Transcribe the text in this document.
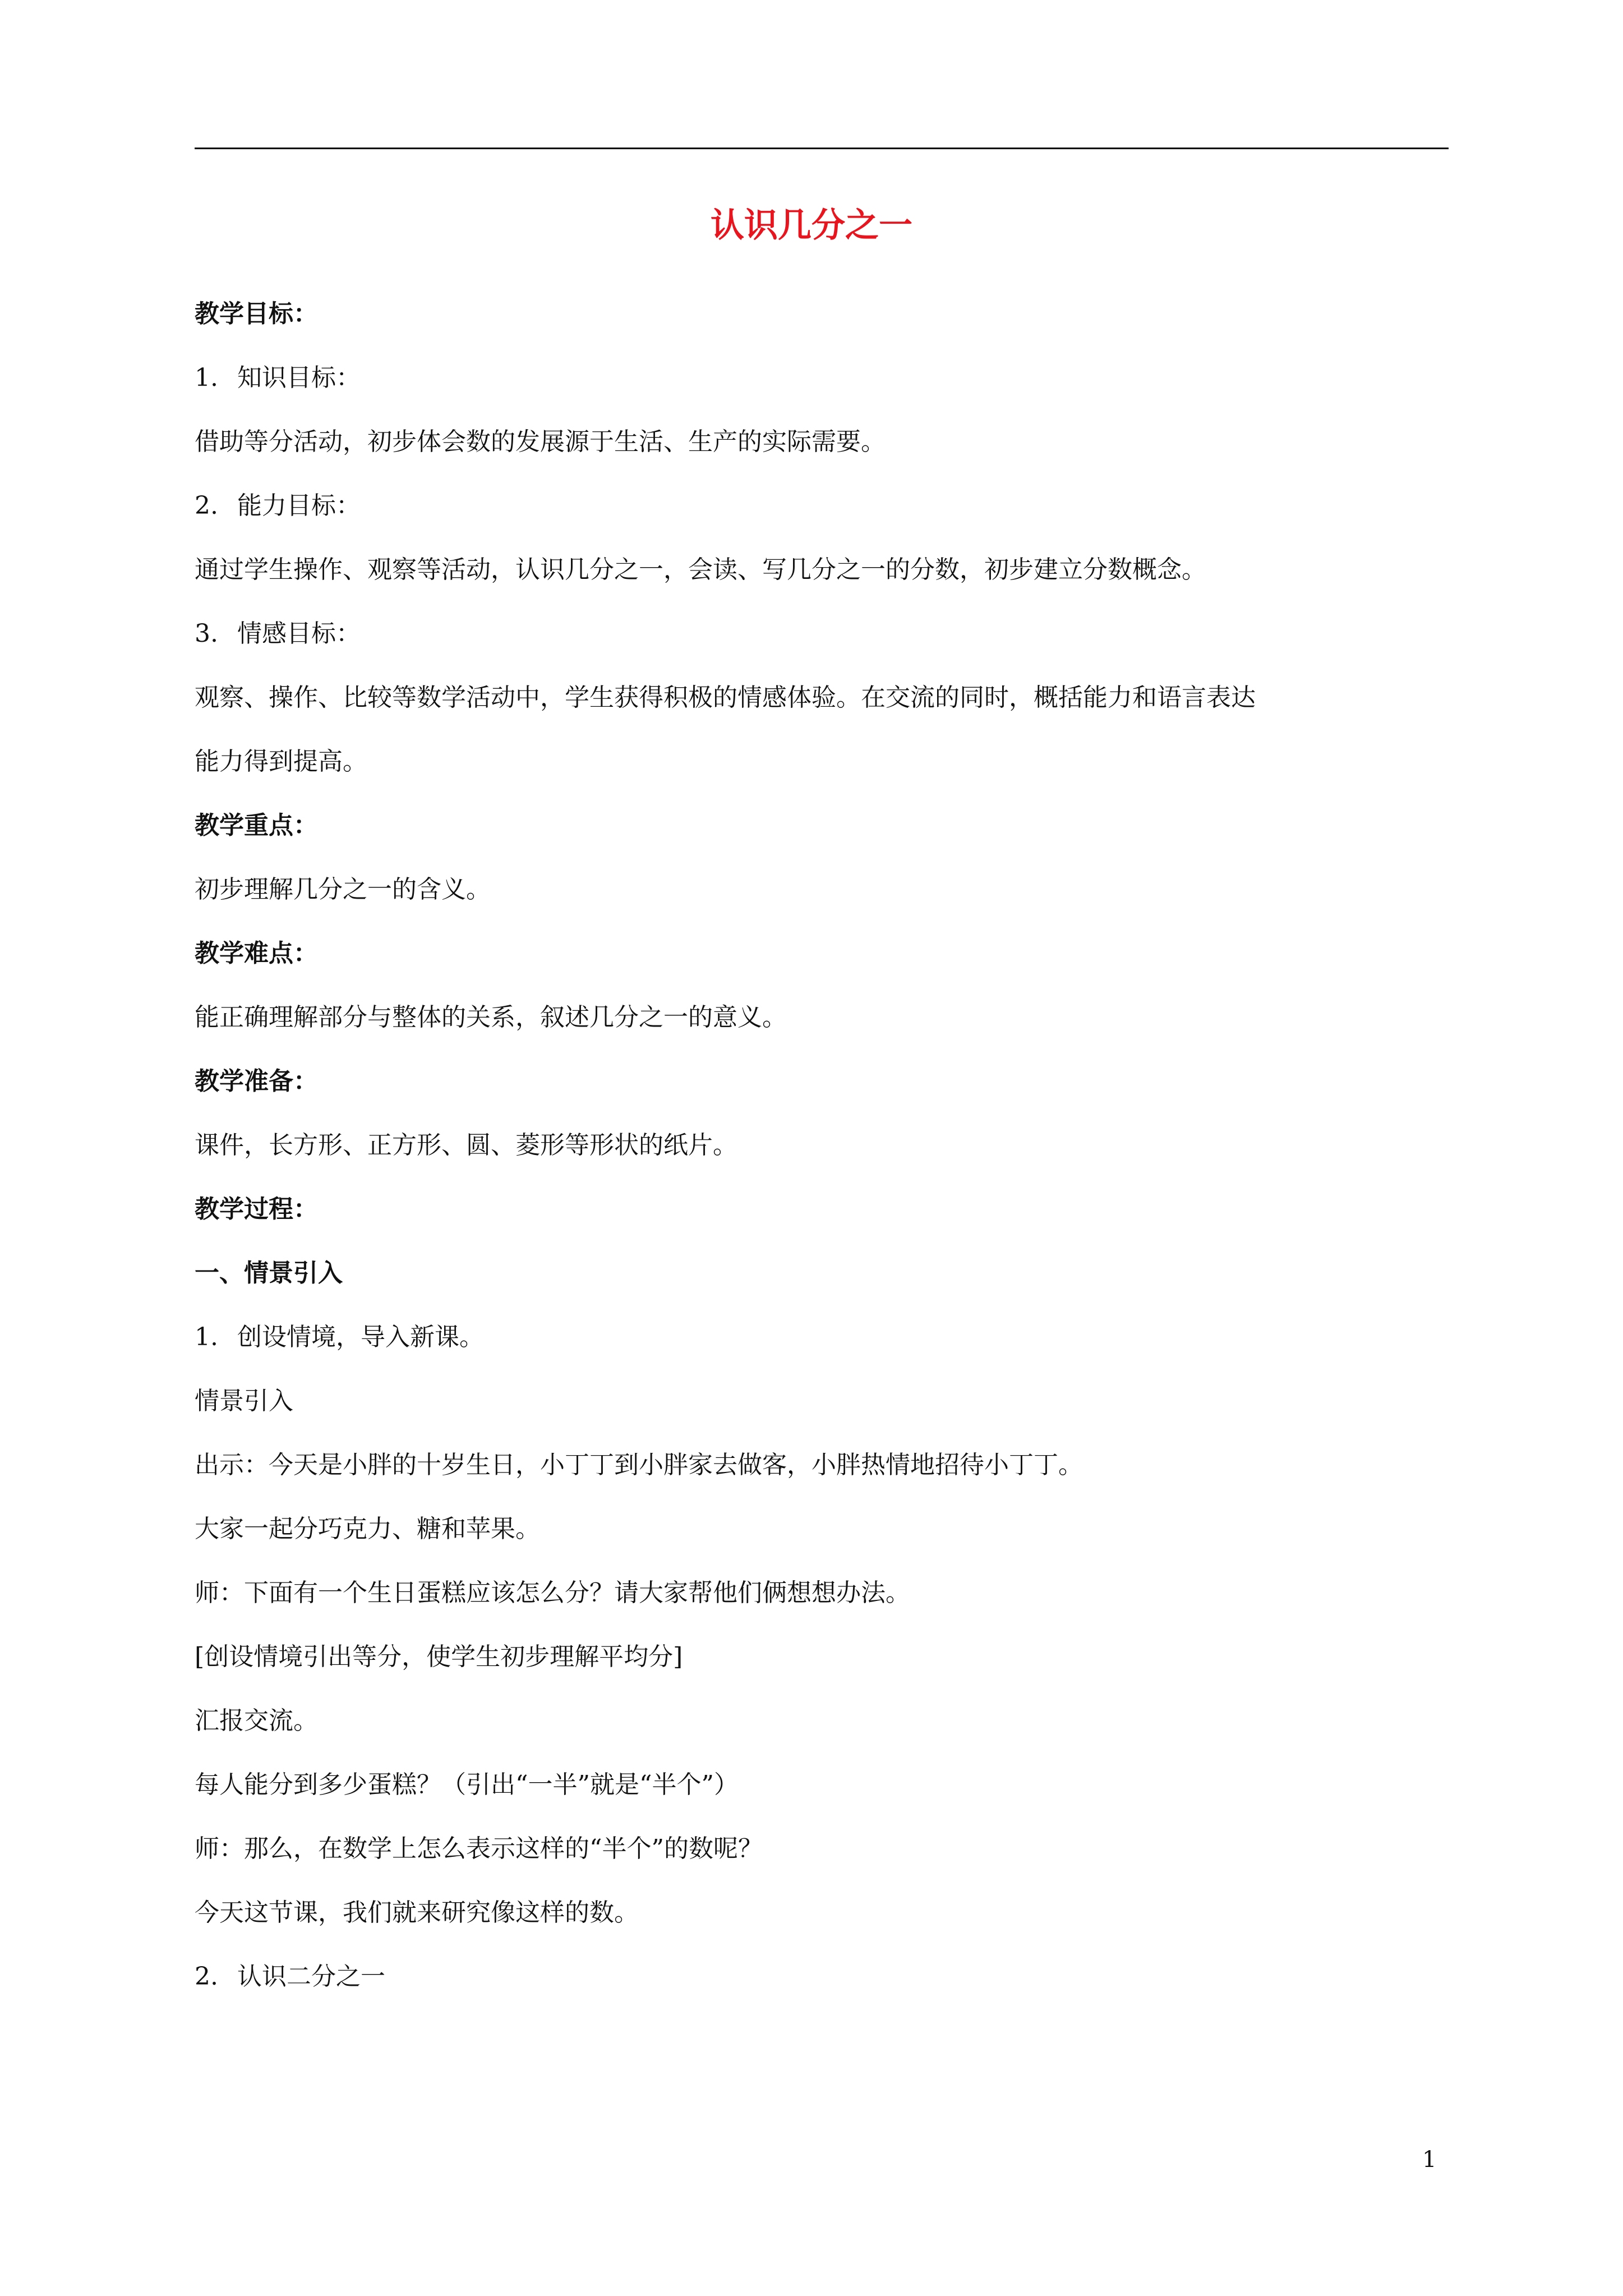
认识几分之一

教学目标：

1. 知识目标：

借助等分活动，初步体会数的发展源于生活、生产的实际需要。

2. 能力目标：

通过学生操作、观察等活动，认识几分之一，会读、写几分之一的分数，初步建立分数概念。

3. 情感目标：

观察、操作、比较等数学活动中，学生获得积极的情感体验。在交流的同时，概括能力和语言表达

能力得到提高。

教学重点：

初步理解几分之一的含义。

教学难点：

能正确理解部分与整体的关系，叙述几分之一的意义。

教学准备：

课件，长方形、正方形、圆、菱形等形状的纸片。

教学过程：

一、情景引入

1. 创设情境，导入新课。

情景引入

出示：今天是小胖的十岁生日，小丁丁到小胖家去做客，小胖热情地招待小丁丁。

大家一起分巧克力、糖和苹果。

师：下面有一个生日蛋糕应该怎么分？请大家帮他们俩想想办法。

[创设情境引出等分，使学生初步理解平均分]

汇报交流。

每人能分到多少蛋糕？（引出“一半”就是“半个”）

师：那么，在数学上怎么表示这样的“半个”的数呢？

今天这节课，我们就来研究像这样的数。

2. 认识二分之一

1
